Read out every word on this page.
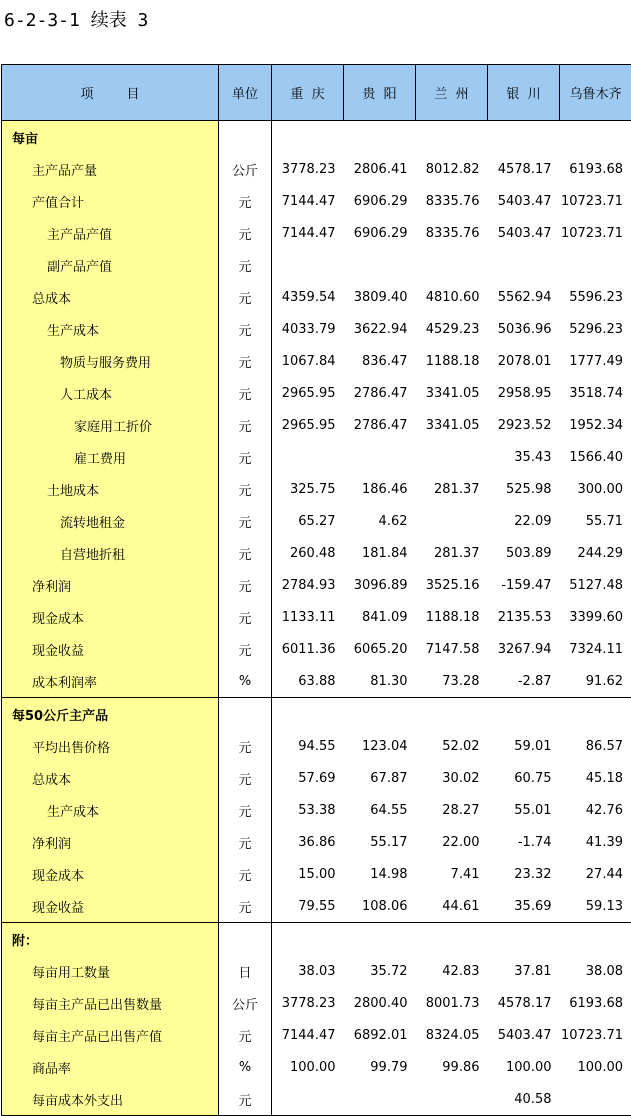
6-2-3-1 续表 3
项        目	单位	重  庆	贵  阳	兰  州	银  川	乌鲁木齐
每亩						
主产品产量	公斤	3778.23	2806.41	8012.82	4578.17	6193.68
产值合计	元	7144.47	6906.29	8335.76	5403.47	10723.71
主产品产值	元	7144.47	6906.29	8335.76	5403.47	10723.71
副产品产值	元					
总成本	元	4359.54	3809.40	4810.60	5562.94	5596.23
生产成本	元	4033.79	3622.94	4529.23	5036.96	5296.23
物质与服务费用	元	1067.84	836.47	1188.18	2078.01	1777.49
人工成本	元	2965.95	2786.47	3341.05	2958.95	3518.74
家庭用工折价	元	2965.95	2786.47	3341.05	2923.52	1952.34
雇工费用	元				35.43	1566.40
土地成本	元	325.75	186.46	281.37	525.98	300.00
流转地租金	元	65.27	4.62		22.09	55.71
自营地折租	元	260.48	181.84	281.37	503.89	244.29
净利润	元	2784.93	3096.89	3525.16	-159.47	5127.48
现金成本	元	1133.11	841.09	1188.18	2135.53	3399.60
现金收益	元	6011.36	6065.20	7147.58	3267.94	7324.11
成本利润率	%	63.88	81.30	73.28	-2.87	91.62
每50公斤主产品						
平均出售价格	元	94.55	123.04	52.02	59.01	86.57
总成本	元	57.69	67.87	30.02	60.75	45.18
生产成本	元	53.38	64.55	28.27	55.01	42.76
净利润	元	36.86	55.17	22.00	-1.74	41.39
现金成本	元	15.00	14.98	7.41	23.32	27.44
现金收益	元	79.55	108.06	44.61	35.69	59.13
附：						
每亩用工数量	日	38.03	35.72	42.83	37.81	38.08
每亩主产品已出售数量	公斤	3778.23	2800.40	8001.73	4578.17	6193.68
每亩主产品已出售产值	元	7144.47	6892.01	8324.05	5403.47	10723.71
商品率	%	100.00	99.79	99.86	100.00	100.00
每亩成本外支出	元				40.58	
